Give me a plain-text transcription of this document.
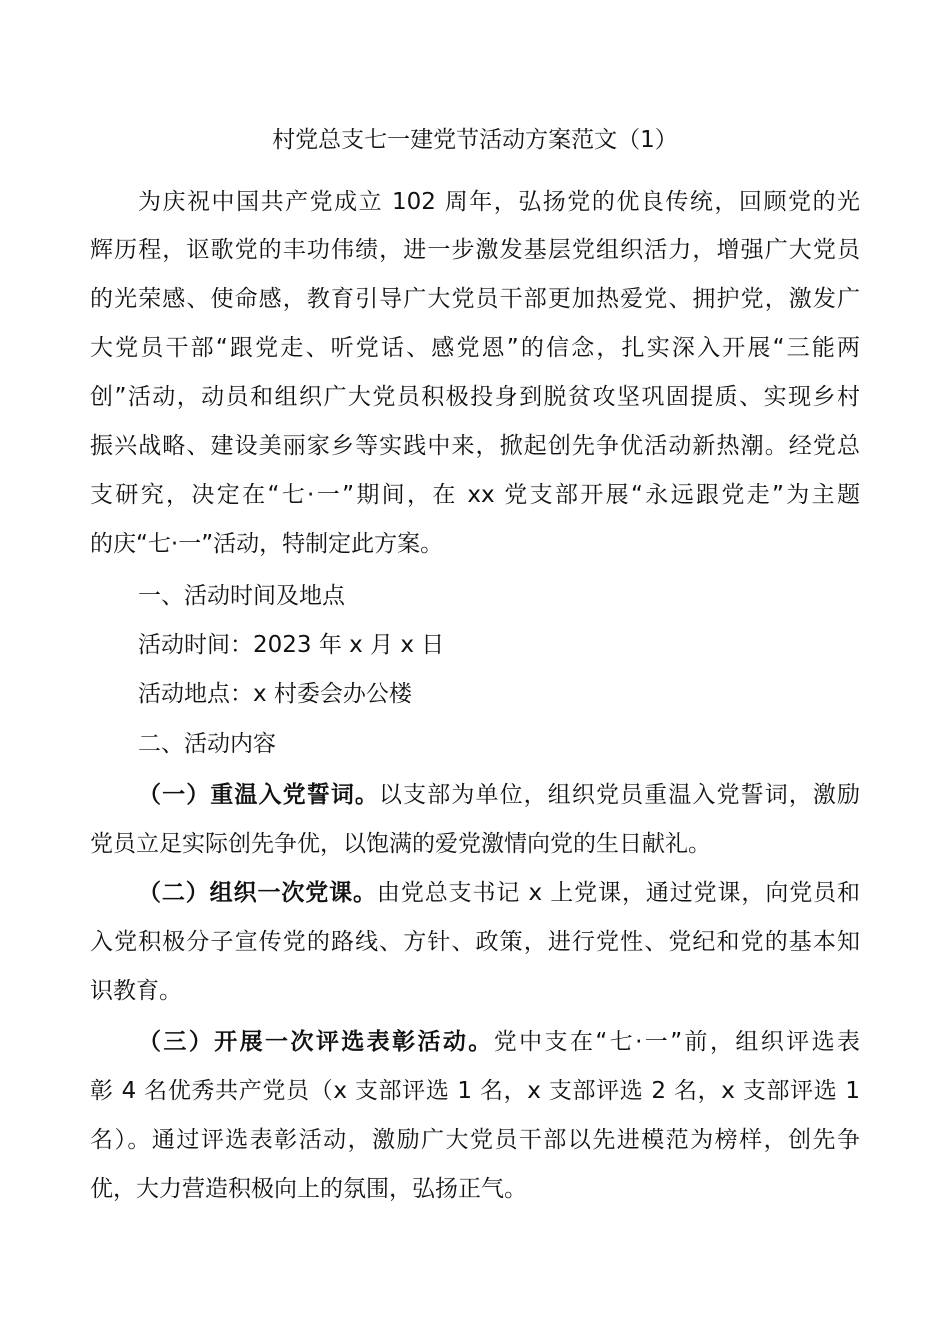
村党总支七一建党节活动方案范文（1）
为庆祝中国共产党成立 102 周年，弘扬党的优良传统，回顾党的光
辉历程，讴歌党的丰功伟绩，进一步激发基层党组织活力，增强广大党员
的光荣感、使命感，教育引导广大党员干部更加热爱党、拥护党，激发广
大党员干部“跟党走、听党话、感党恩”的信念，扎实深入开展“三能两
创”活动，动员和组织广大党员积极投身到脱贫攻坚巩固提质、实现乡村
振兴战略、建设美丽家乡等实践中来，掀起创先争优活动新热潮。经党总
支研究，决定在“七·一”期间，在 xx 党支部开展“永远跟党走”为主题
的庆“七·一”活动，特制定此方案。
一、活动时间及地点
活动时间：2023 年 x 月 x 日
活动地点：x 村委会办公楼
二、活动内容
（一）重温入党誓词。以支部为单位，组织党员重温入党誓词，激励
党员立足实际创先争优，以饱满的爱党激情向党的生日献礼。
（二）组织一次党课。由党总支书记 x 上党课，通过党课，向党员和
入党积极分子宣传党的路线、方针、政策，进行党性、党纪和党的基本知
识教育。
（三）开展一次评选表彰活动。党中支在“七·一”前，组织评选表
彰 4 名优秀共产党员（x 支部评选 1 名，x 支部评选 2 名，x 支部评选 1
名）。通过评选表彰活动，激励广大党员干部以先进模范为榜样，创先争
优，大力营造积极向上的氛围，弘扬正气。
